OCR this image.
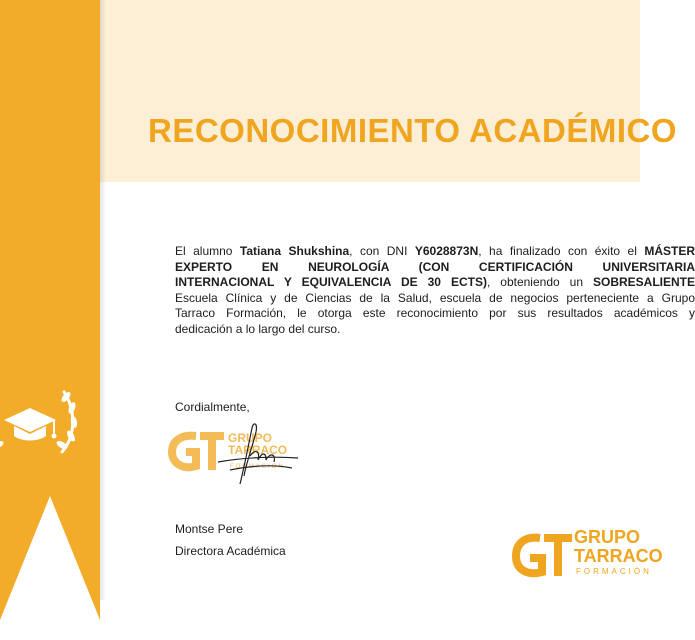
RECONOCIMIENTO ACADÉMICO
El alumno Tatiana Shukshina, con DNI Y6028873N, ha finalizado con éxito el MÁSTER
EXPERTO EN NEUROLOGÍA (CON CERTIFICACIÓN UNIVERSITARIA
INTERNACIONAL Y EQUIVALENCIA DE 30 ECTS), obteniendo un SOBRESALIENTE
Escuela Clínica y de Ciencias de la Salud, escuela de negocios perteneciente a Grupo
Tarraco Formación, le otorga este reconocimiento por sus resultados académicos y
dedicación a lo largo del curso.
Cordialmente,
GRUPO
TARRACO
FORMACIÓN
Montse Pere
Directora Académica
GRUPO
TARRACO
FORMACIÓN
